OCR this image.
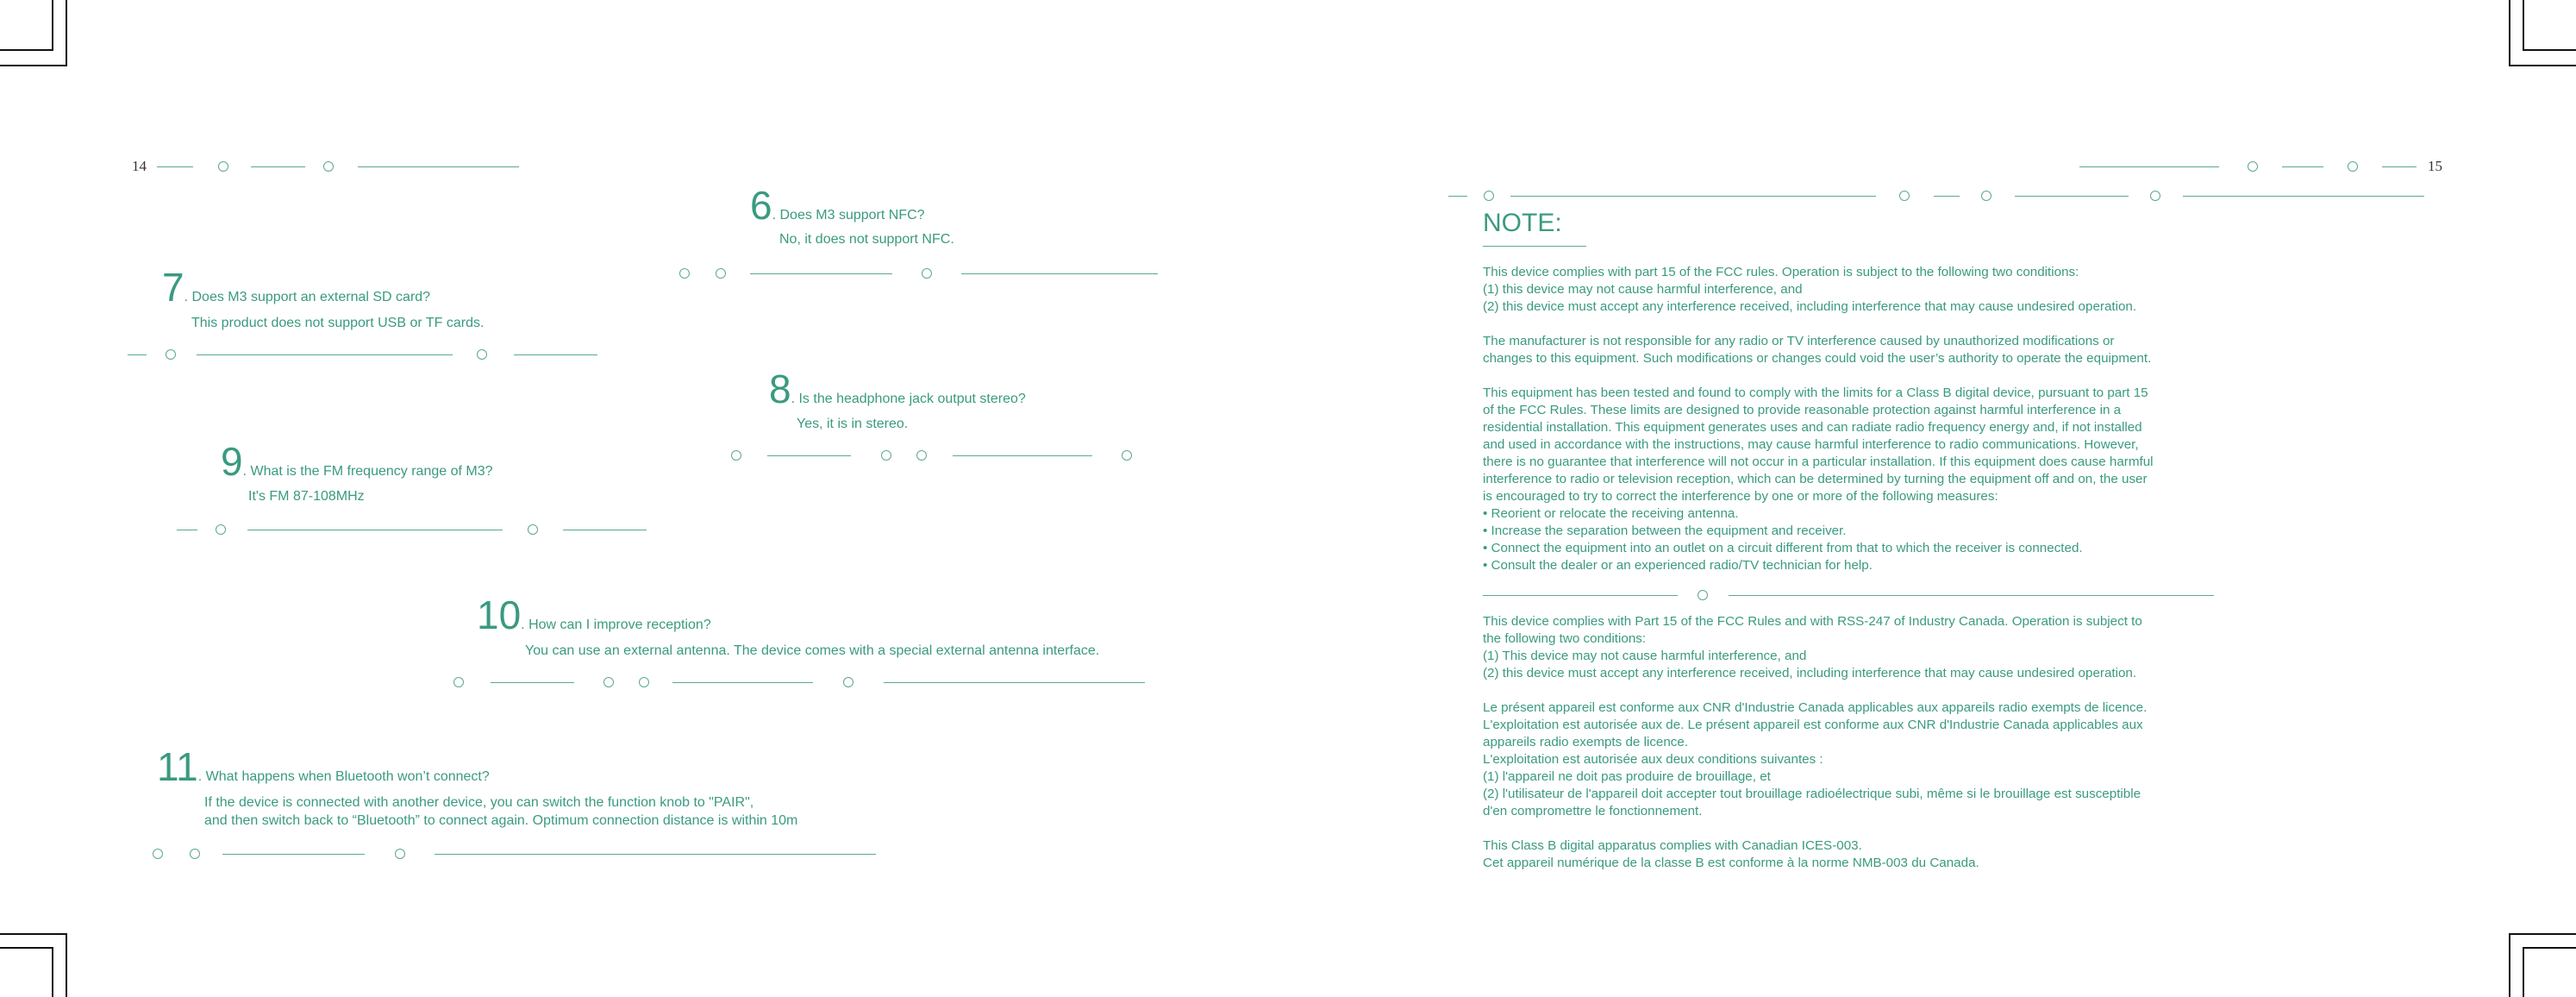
14
6. Does M3 support NFC?
No, it does not support NFC.
7. Does M3 support an external SD card?
This product does not support USB or TF cards.
8. Is the headphone jack output stereo?
Yes, it is in stereo.
9. What is the FM frequency range of M3?
It's FM 87-108MHz
10. How can I improve reception?
You can use an external antenna. The device comes with a special external antenna interface.
11. What happens when Bluetooth won’t connect?
If the device is connected with another device, you can switch the function knob to "PAIR",
and then switch back to “Bluetooth” to connect again. Optimum connection distance is within 10m
15
NOTE:
This device complies with part 15 of the FCC rules. Operation is subject to the following two conditions:
(1) this device may not cause harmful interference, and
(2) this device must accept any interference received, including interference that may cause undesired operation.
The manufacturer is not responsible for any radio or TV interference caused by unauthorized modifications or
changes to this equipment. Such modifications or changes could void the user’s authority to operate the equipment.
This equipment has been tested and found to comply with the limits for a Class B digital device, pursuant to part 15
of the FCC Rules. These limits are designed to provide reasonable protection against harmful interference in a
residential installation. This equipment generates uses and can radiate radio frequency energy and, if not installed
and used in accordance with the instructions, may cause harmful interference to radio communications. However,
there is no guarantee that interference will not occur in a particular installation. If this equipment does cause harmful
interference to radio or television reception, which can be determined by turning the equipment off and on, the user
is encouraged to try to correct the interference by one or more of the following measures:
• Reorient or relocate the receiving antenna.
• Increase the separation between the equipment and receiver.
• Connect the equipment into an outlet on a circuit different from that to which the receiver is connected.
• Consult the dealer or an experienced radio/TV technician for help.
This device complies with Part 15 of the FCC Rules and with RSS-247 of Industry Canada. Operation is subject to
the following two conditions:
(1) This device may not cause harmful interference, and
(2) this device must accept any interference received, including interference that may cause undesired operation.
Le présent appareil est conforme aux CNR d'Industrie Canada applicables aux appareils radio exempts de licence.
L'exploitation est autorisée aux de. Le présent appareil est conforme aux CNR d'Industrie Canada applicables aux
appareils radio exempts de licence.
L'exploitation est autorisée aux deux conditions suivantes :
(1) l'appareil ne doit pas produire de brouillage, et
(2) l'utilisateur de l'appareil doit accepter tout brouillage radioélectrique subi, même si le brouillage est susceptible
d'en compromettre le fonctionnement.
This Class B digital apparatus complies with Canadian ICES-003.
Cet appareil numérique de la classe B est conforme à la norme NMB-003 du Canada.
